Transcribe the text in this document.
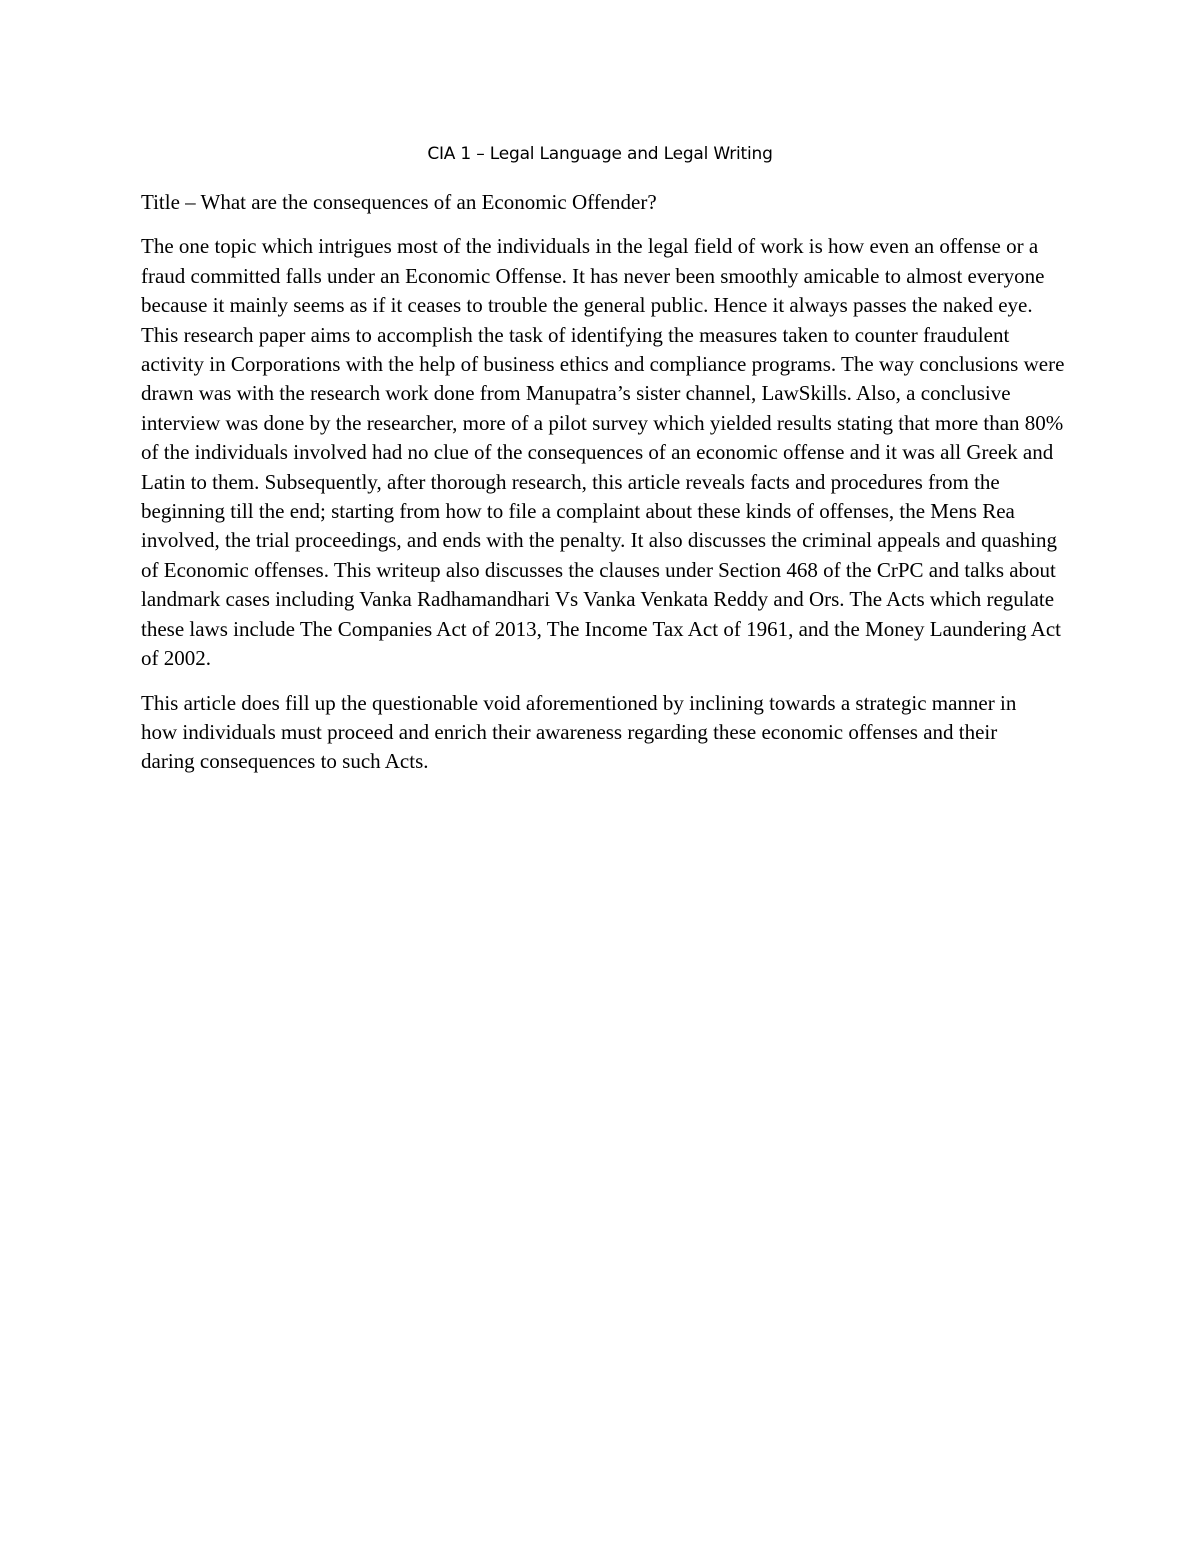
CIA 1 – Legal Language and Legal Writing

Title – What are the consequences of an Economic Offender?

The one topic which intrigues most of the individuals in the legal field of work is how even an offense or a fraud committed falls under an Economic Offense. It has never been smoothly amicable to almost everyone because it mainly seems as if it ceases to trouble the general public. Hence it always passes the naked eye. This research paper aims to accomplish the task of identifying the measures taken to counter fraudulent activity in Corporations with the help of business ethics and compliance programs. The way conclusions were drawn was with the research work done from Manupatra’s sister channel, LawSkills. Also, a conclusive interview was done by the researcher, more of a pilot survey which yielded results stating that more than 80% of the individuals involved had no clue of the consequences of an economic offense and it was all Greek and Latin to them. Subsequently, after thorough research, this article reveals facts and procedures from the beginning till the end; starting from how to file a complaint about these kinds of offenses, the Mens Rea involved, the trial proceedings, and ends with the penalty. It also discusses the criminal appeals and quashing of Economic offenses. This writeup also discusses the clauses under Section 468 of the CrPC and talks about landmark cases including Vanka Radhamandhari Vs Vanka Venkata Reddy and Ors. The Acts which regulate these laws include The Companies Act of 2013, The Income Tax Act of 1961, and the Money Laundering Act of 2002.

This article does fill up the questionable void aforementioned by inclining towards a strategic manner in how individuals must proceed and enrich their awareness regarding these economic offenses and their daring consequences to such Acts.
